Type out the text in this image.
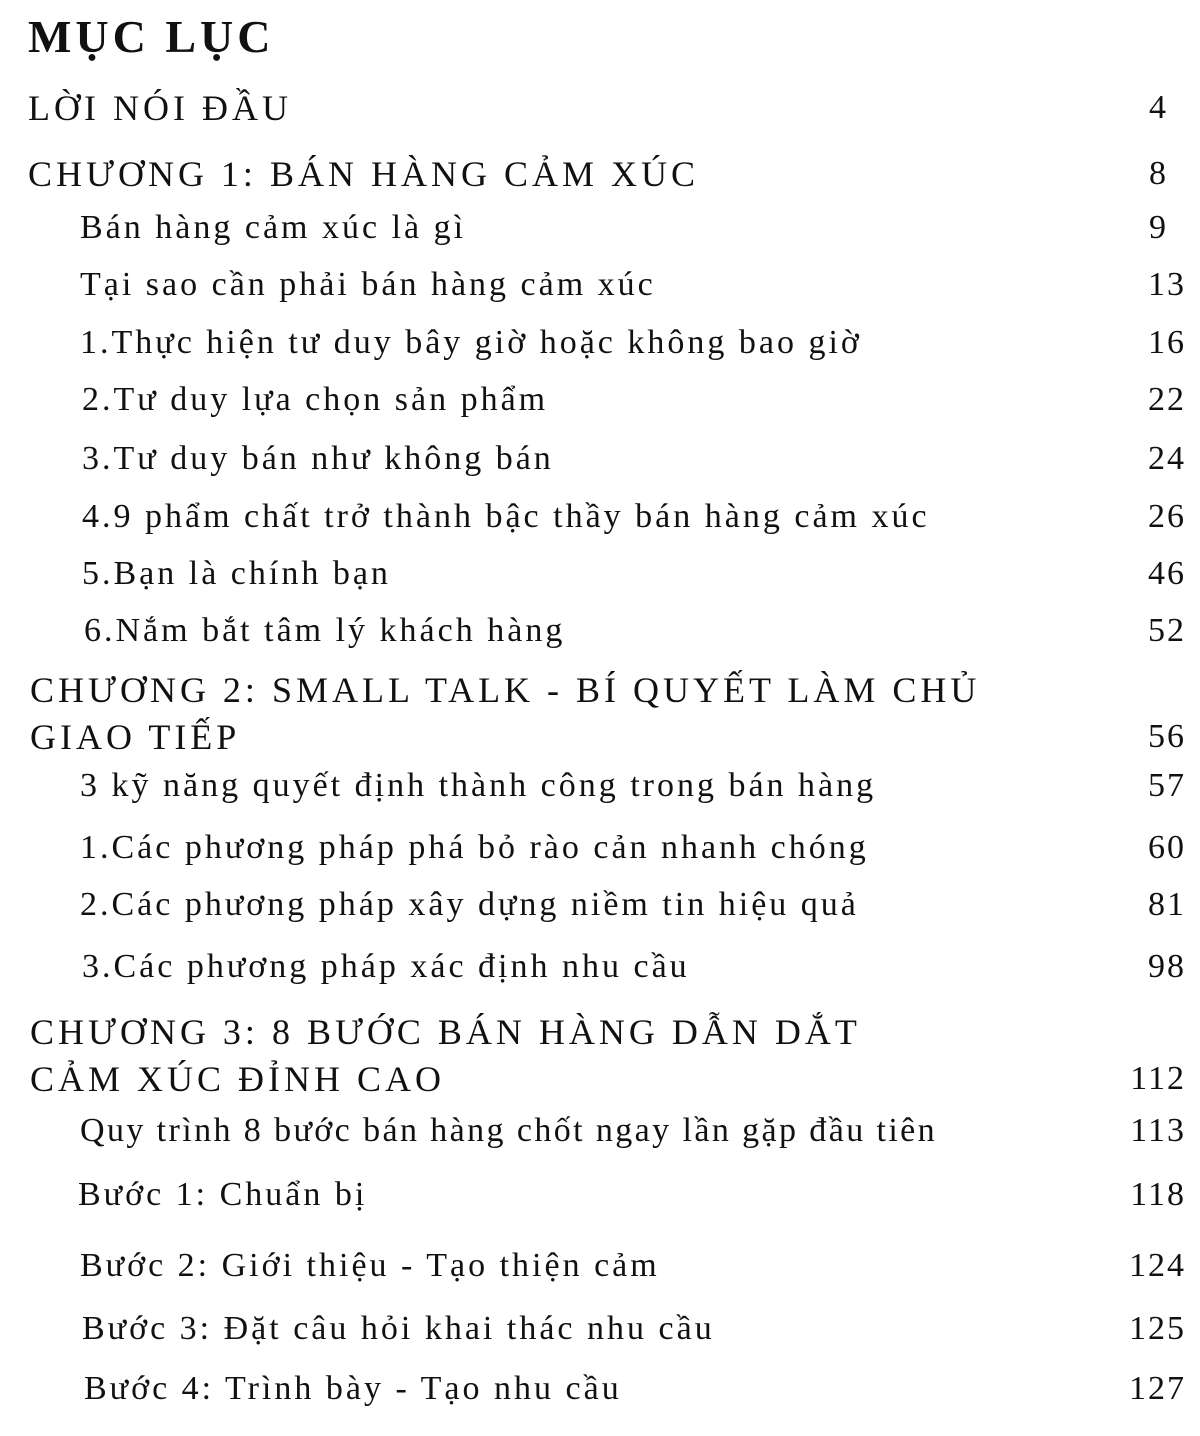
MỤC LỤC
LỜI NÓI ĐẦU	4
CHƯƠNG 1: BÁN HÀNG CẢM XÚC	8
Bán hàng cảm xúc là gì	9
Tại sao cần phải bán hàng cảm xúc	13
1.Thực hiện tư duy bây giờ hoặc không bao giờ	16
2.Tư duy lựa chọn sản phẩm	22
3.Tư duy bán như không bán	24
4.9 phẩm chất trở thành bậc thầy bán hàng cảm xúc	26
5.Bạn là chính bạn	46
6.Nắm bắt tâm lý khách hàng	52
CHƯƠNG 2: SMALL TALK - BÍ QUYẾT LÀM CHỦ
GIAO TIẾP	56
3 kỹ năng quyết định thành công trong bán hàng	57
1.Các phương pháp phá bỏ rào cản nhanh chóng	60
2.Các phương pháp xây dựng niềm tin hiệu quả	81
3.Các phương pháp xác định nhu cầu	98
CHƯƠNG 3: 8 BƯỚC BÁN HÀNG DẪN DẮT
CẢM XÚC ĐỈNH CAO	112
Quy trình 8 bước bán hàng chốt ngay lần gặp đầu tiên	113
Bước 1: Chuẩn bị	118
Bước 2: Giới thiệu - Tạo thiện cảm	124
Bước 3: Đặt câu hỏi khai thác nhu cầu	125
Bước 4: Trình bày - Tạo nhu cầu	127
